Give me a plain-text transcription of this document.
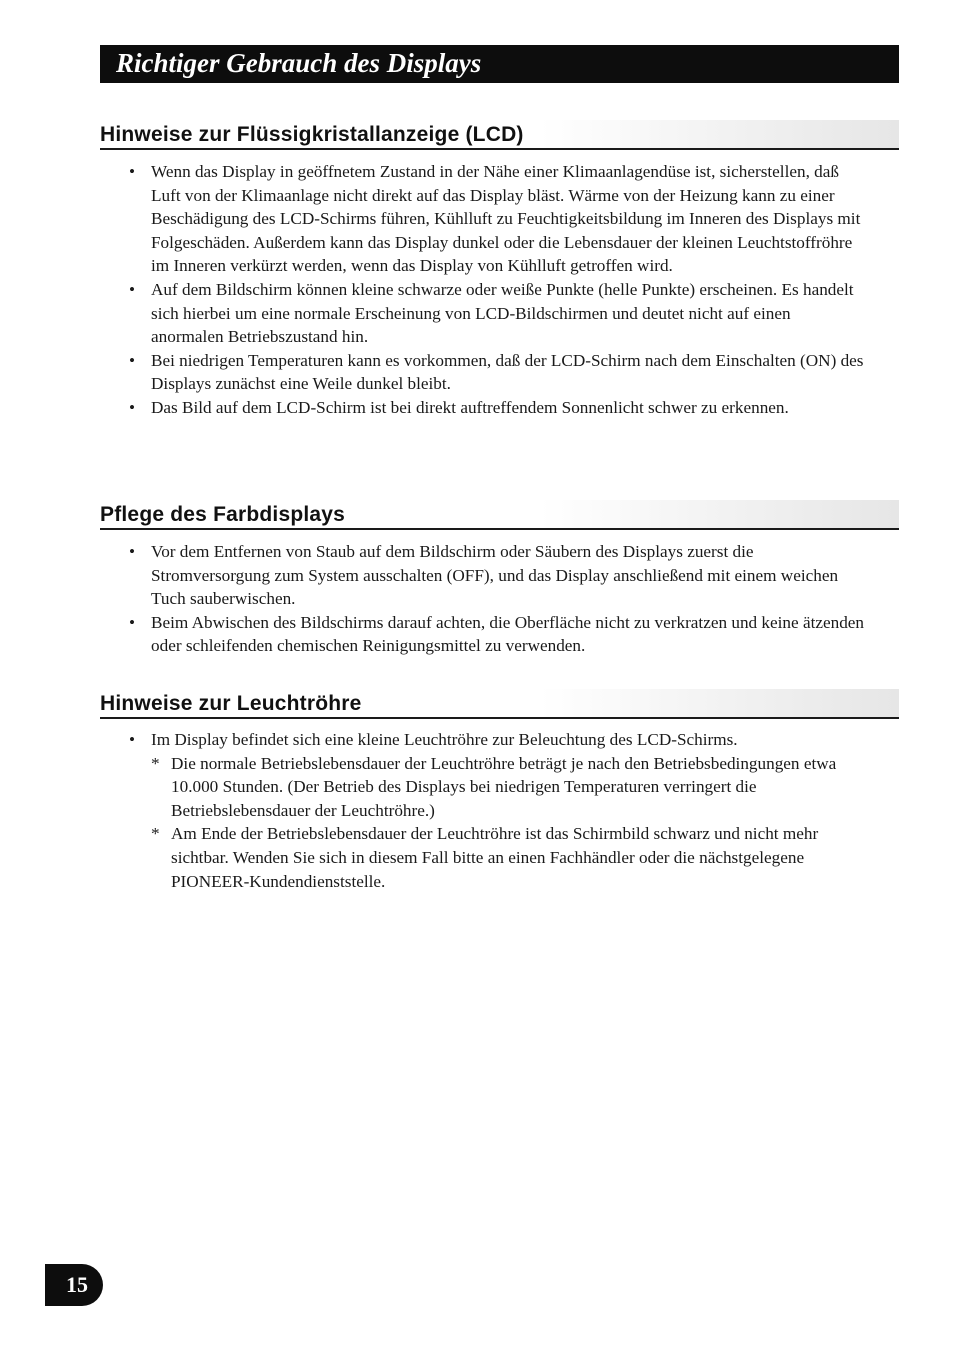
Richtiger Gebrauch des Displays
Hinweise zur Flüssigkristallanzeige (LCD)
• Wenn das Display in geöffnetem Zustand in der Nähe einer Klimaanlagendüse ist, sicherstellen, daß Luft von der Klimaanlage nicht direkt auf das Display bläst. Wärme von der Heizung kann zu einer Beschädigung des LCD-Schirms führen, Kühlluft zu Feuchtigkeitsbildung im Inneren des Displays mit Folgeschäden. Außerdem kann das Display dunkel oder die Lebensdauer der kleinen Leuchtstoffröhre im Inneren verkürzt werden, wenn das Display von Kühlluft getroffen wird.
• Auf dem Bildschirm können kleine schwarze oder weiße Punkte (helle Punkte) erscheinen. Es handelt sich hierbei um eine normale Erscheinung von LCD-Bildschirmen und deutet nicht auf einen anormalen Betriebszustand hin.
• Bei niedrigen Temperaturen kann es vorkommen, daß der LCD-Schirm nach dem Einschalten (ON) des Displays zunächst eine Weile dunkel bleibt.
• Das Bild auf dem LCD-Schirm ist bei direkt auftreffendem Sonnenlicht schwer zu erkennen.
Pflege des Farbdisplays
• Vor dem Entfernen von Staub auf dem Bildschirm oder Säubern des Displays zuerst die Stromversorgung zum System ausschalten (OFF), und das Display anschließend mit einem weichen Tuch sauberwischen.
• Beim Abwischen des Bildschirms darauf achten, die Oberfläche nicht zu verkratzen und keine ätzenden oder schleifenden chemischen Reinigungsmittel zu verwenden.
Hinweise zur Leuchtröhre
• Im Display befindet sich eine kleine Leuchtröhre zur Beleuchtung des LCD-Schirms.
* Die normale Betriebslebensdauer der Leuchtröhre beträgt je nach den Betriebsbedingungen etwa 10.000 Stunden. (Der Betrieb des Displays bei niedrigen Temperaturen verringert die Betriebslebensdauer der Leuchtröhre.)
* Am Ende der Betriebslebensdauer der Leuchtröhre ist das Schirmbild schwarz und nicht mehr sichtbar. Wenden Sie sich in diesem Fall bitte an einen Fachhändler oder die nächstgelegene PIONEER-Kundendienststelle.
15
